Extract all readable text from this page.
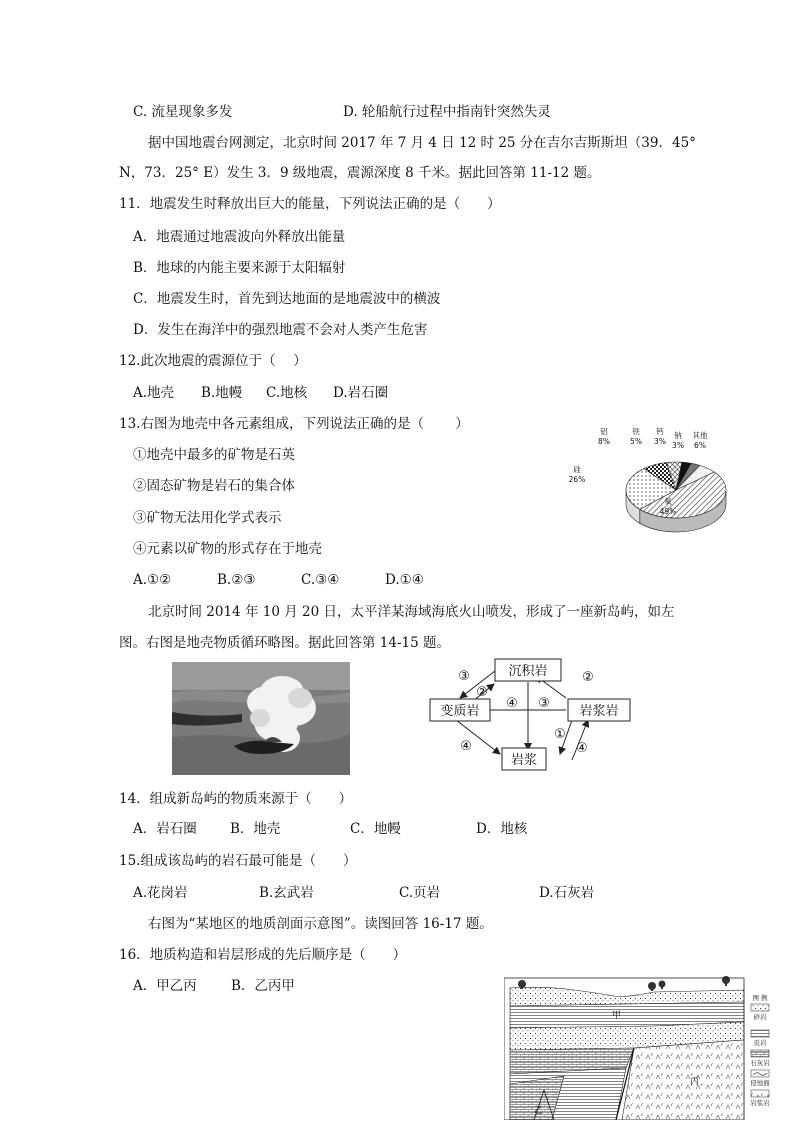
C. 流星现象多发	D. 轮船航行过程中指南针突然失灵
据中国地震台网测定，北京时间 2017 年 7 月 4 日 12 时 25 分在吉尔吉斯斯坦（39．45°
N，73．25° E）发生 3．9 级地震，震源深度 8 千米。据此回答第 11-12 题。
11．地震发生时释放出巨大的能量，下列说法正确的是（　　）
A．地震通过地震波向外释放出能量
B．地球的内能主要来源于太阳辐射
C．地震发生时，首先到达地面的是地震波中的横波
D．发生在海洋中的强烈地震不会对人类产生危害
12.此次地震的震源位于（　 ）
A.地壳 B.地幔 C.地核 D.岩石圈
13.右图为地壳中各元素组成，下列说法正确的是（　　 ）
①地壳中最多的矿物是石英
②固态矿物是岩石的集合体
③矿物无法用化学式表示
④元素以矿物的形式存在于地壳
A.①②	B.②③	C.③④	D.①④
氧
49%
硅
26%
铝
8%
铁
5%
钙
3%
钠
3%
其他
6%
北京时间 2014 年 10 月 20 日，太平洋某海域海底火山喷发，形成了一座新岛屿，如左
图。右图是地壳物质循环略图。据此回答第 14-15 题。
沉积岩
变质岩	岩浆岩
岩浆
③
②
④ ③
②
④
①
④
14．组成新岛屿的物质来源于（　　）
A．岩石圈 B．地壳	C．地幔	D．地核
15.组成该岛屿的岩石最可能是（　　）
A.花岗岩	B.玄武岩	C.页岩	D.石灰岩
右图为“某地区的地质剖面示意图”。读图回答 16-17 题。
16．地质构造和岩层形成的先后顺序是（　　）
A．甲乙丙	B．乙丙甲
甲
乙
丙
图 例
砂岩
页岩
石灰岩
侵蚀面
岩浆岩
